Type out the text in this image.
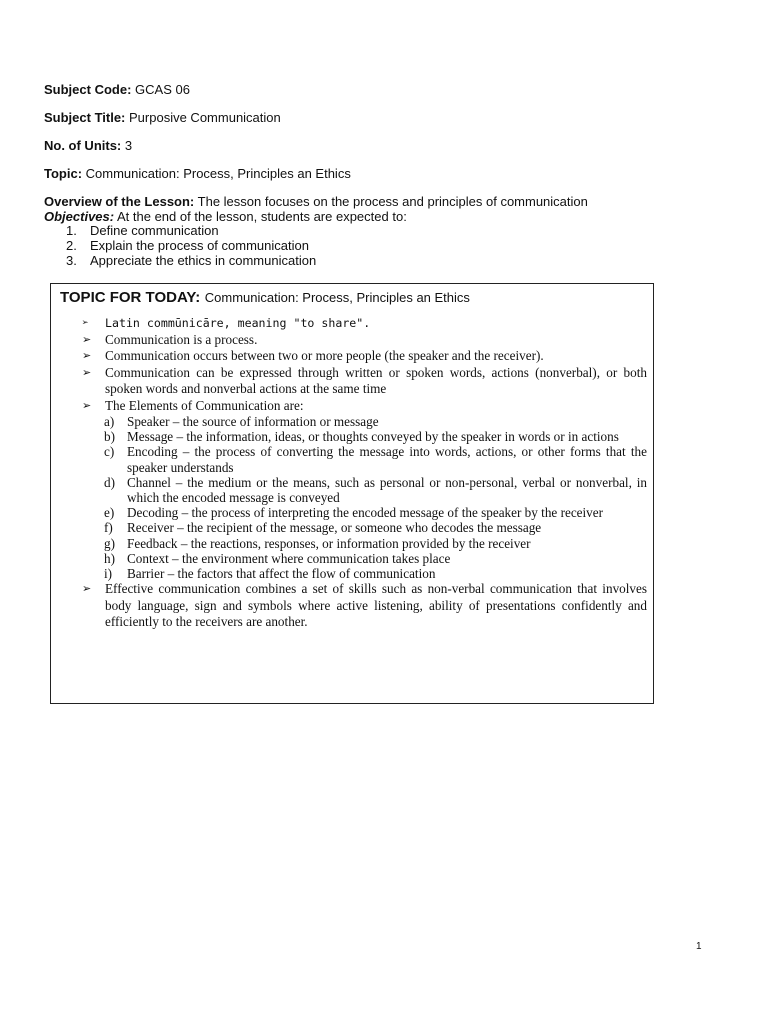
Subject Code: GCAS 06
Subject Title: Purposive Communication
No. of Units: 3
Topic: Communication: Process, Principles an Ethics
Overview of the Lesson: The lesson focuses on the process and principles of communication
Objectives: At the end of the lesson, students are expected to:
1. Define communication
2. Explain the process of communication
3. Appreciate the ethics in communication
TOPIC FOR TODAY: Communication: Process, Principles an Ethics
➢ Latin commūnicāre, meaning "to share".
➢ Communication is a process.
➢ Communication occurs between two or more people (the speaker and the receiver).
➢ Communication can be expressed through written or spoken words, actions (nonverbal), or both spoken words and nonverbal actions at the same time
➢ The Elements of Communication are:
a) Speaker – the source of information or message
b) Message – the information, ideas, or thoughts conveyed by the speaker in words or in actions
c) Encoding – the process of converting the message into words, actions, or other forms that the speaker understands
d) Channel – the medium or the means, such as personal or non-personal, verbal or nonverbal, in which the encoded message is conveyed
e) Decoding – the process of interpreting the encoded message of the speaker by the receiver
f) Receiver – the recipient of the message, or someone who decodes the message
g) Feedback – the reactions, responses, or information provided by the receiver
h) Context – the environment where communication takes place
i) Barrier – the factors that affect the flow of communication
➢ Effective communication combines a set of skills such as non-verbal communication that involves body language, sign and symbols where active listening, ability of presentations confidently and efficiently to the receivers are another.
1
